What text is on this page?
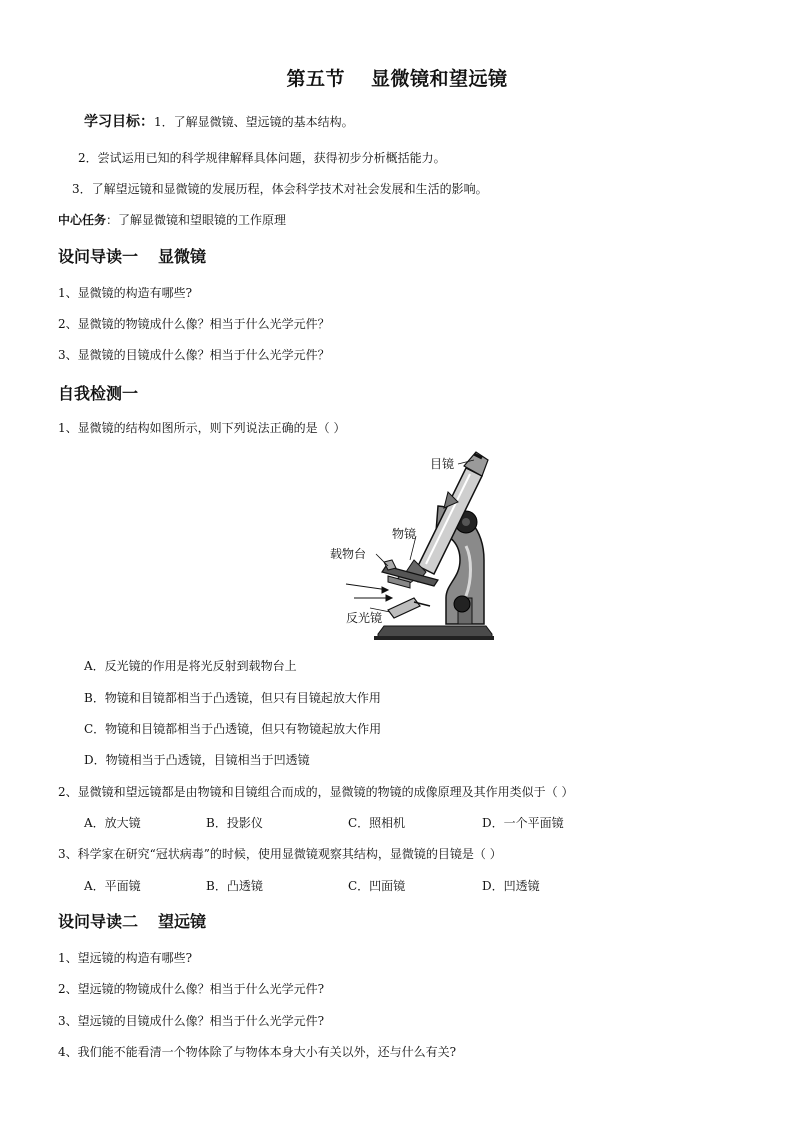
第五节 显微镜和望远镜
学习目标：1．了解显微镜、望远镜的基本结构。
2．尝试运用已知的科学规律解释具体问题，获得初步分析概括能力。
3．了解望远镜和显微镜的发展历程，体会科学技术对社会发展和生活的影响。
中心任务：了解显微镜和望眼镜的工作原理
设问导读一 显微镜
1、显微镜的构造有哪些?
2、显微镜的物镜成什么像？相当于什么光学元件？
3、显微镜的目镜成什么像？相当于什么光学元件？
自我检测一
1、显微镜的结构如图所示，则下列说法正确的是（ ）
目镜
物镜
载物台
反光镜
A．反光镜的作用是将光反射到载物台上
B．物镜和目镜都相当于凸透镜，但只有目镜起放大作用
C．物镜和目镜都相当于凸透镜，但只有物镜起放大作用
D．物镜相当于凸透镜，目镜相当于凹透镜
2、显微镜和望远镜都是由物镜和目镜组合而成的，显微镜的物镜的成像原理及其作用类似于（ ）
A．放大镜	B．投影仪	C．照相机	D．一个平面镜
3、科学家在研究“冠状病毒”的时候，使用显微镜观察其结构，显微镜的目镜是（ ）
A．平面镜	B．凸透镜	C．凹面镜	D．凹透镜
设问导读二 望远镜
1、望远镜的构造有哪些?
2、望远镜的物镜成什么像？相当于什么光学元件?
3、望远镜的目镜成什么像？相当于什么光学元件?
4、我们能不能看清一个物体除了与物体本身大小有关以外，还与什么有关?
